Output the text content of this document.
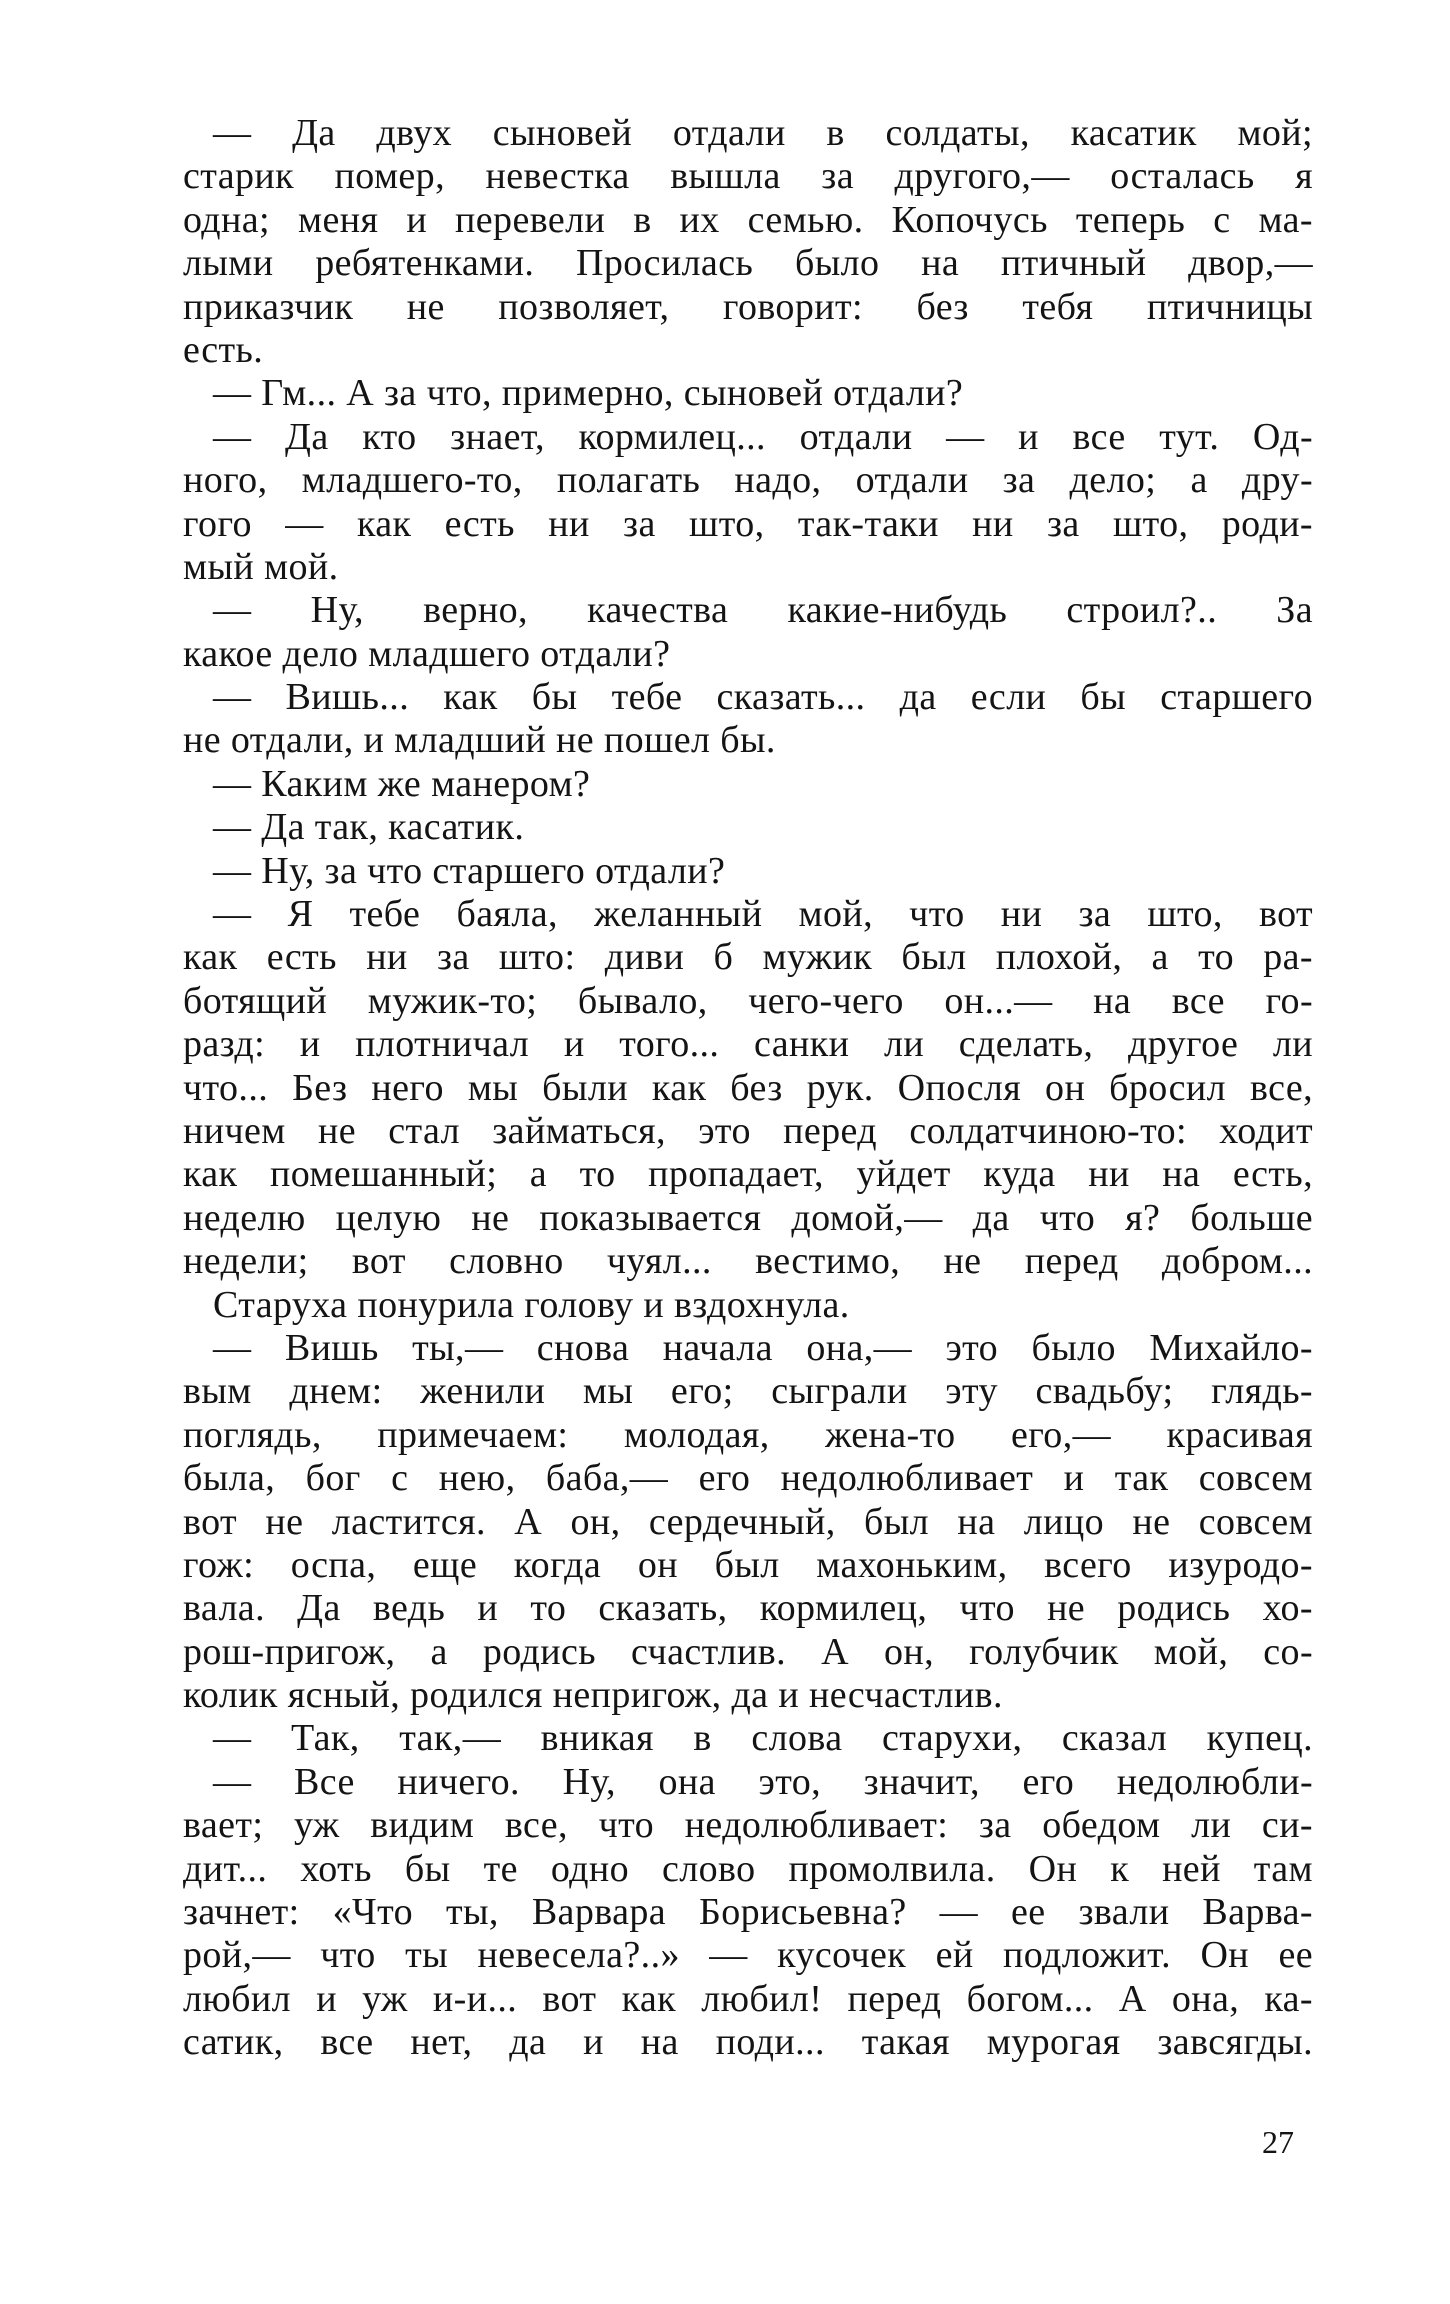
— Да двух сыновей отдали в солдаты, касатик мой;
старик помер, невестка вышла за другого,— осталась я
одна; меня и перевели в их семью. Копочусь теперь с ма-
лыми ребятенками. Просилась было на птичный двор,—
приказчик не позволяет, говорит: без тебя птичницы
есть.
— Гм... А за что, примерно, сыновей отдали?
— Да кто знает, кормилец... отдали — и все тут. Од-
ного, младшего-то, полагать надо, отдали за дело; а дру-
гого — как есть ни за што, так-таки ни за што, роди-
мый мой.
— Ну, верно, качества какие-нибудь строил?.. За
какое дело младшего отдали?
— Вишь... как бы тебе сказать... да если бы старшего
не отдали, и младший не пошел бы.
— Каким же манером?
— Да так, касатик.
— Ну, за что старшего отдали?
— Я тебе баяла, желанный мой, что ни за што, вот
как есть ни за што: диви б мужик был плохой, а то ра-
ботящий мужик-то; бывало, чего-чего он...— на все го-
разд: и плотничал и того... санки ли сделать, другое ли
что... Без него мы были как без рук. Опосля он бросил все,
ничем не стал займаться, это перед солдатчиною-то: ходит
как помешанный; а то пропадает, уйдет куда ни на есть,
неделю целую не показывается домой,— да что я? больше
недели; вот словно чуял... вестимо, не перед добром...
Старуха понурила голову и вздохнула.
— Вишь ты,— снова начала она,— это было Михайло-
вым днем: женили мы его; сыграли эту свадьбу; глядь-
поглядь, примечаем: молодая, жена-то его,— красивая
была, бог с нею, баба,— его недолюбливает и так совсем
вот не ластится. А он, сердечный, был на лицо не совсем
гож: оспа, еще когда он был махоньким, всего изуродо-
вала. Да ведь и то сказать, кормилец, что не родись хо-
рош-пригож, а родись счастлив. А он, голубчик мой, со-
колик ясный, родился непригож, да и несчастлив.
— Так, так,— вникая в слова старухи, сказал купец.
— Все ничего. Ну, она это, значит, его недолюбли-
вает; уж видим все, что недолюбливает: за обедом ли си-
дит... хоть бы те одно слово промолвила. Он к ней там
зачнет: «Что ты, Варвара Борисьевна? — ее звали Варва-
рой,— что ты невесела?..» — кусочек ей подложит. Он ее
любил и уж и-и... вот как любил! перед богом... А она, ка-
сатик, все нет, да и на поди... такая мурогая завсягды.
27
